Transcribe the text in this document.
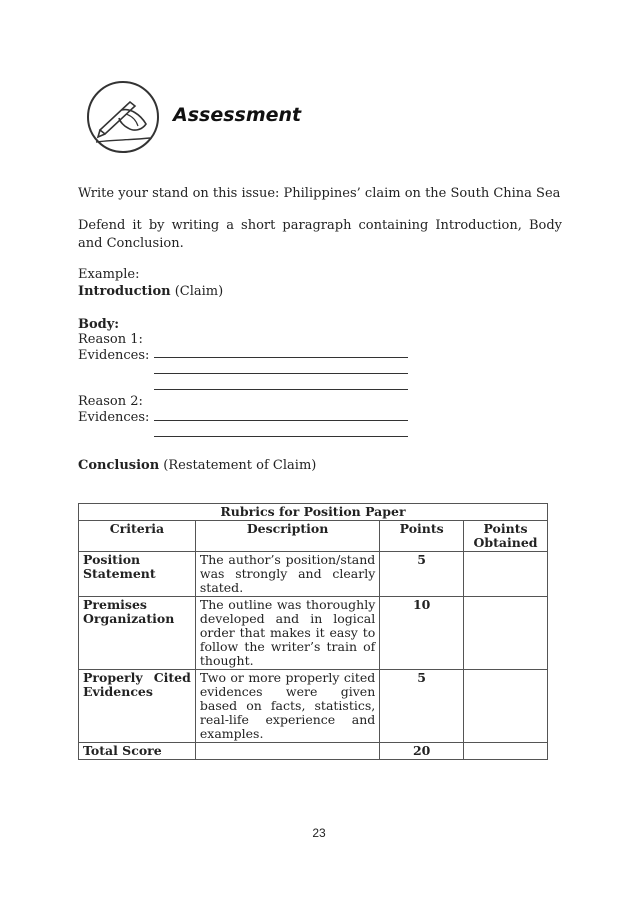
Assessment
Write your stand on this issue: Philippines’ claim on the South China Sea
Defend it by writing a short paragraph containing Introduction, Body and Conclusion.
Example:
Introduction (Claim)
Body:
Reason 1:
Evidences:
Reason 2:
Evidences:
Conclusion (Restatement of Claim)
Rubrics for Position Paper			
Criteria	Description	Points	Points Obtained
Position Statement	The author’s position/stand was strongly and clearly stated.	5	
Premises Organization	The outline was thoroughly developed and in logical order that makes it easy to follow the writer’s train of thought.	10	
Properly Cited Evidences	Two or more properly cited evidences were given based on facts, statistics, real-life experience and examples.	5	
Total Score		20	
23
